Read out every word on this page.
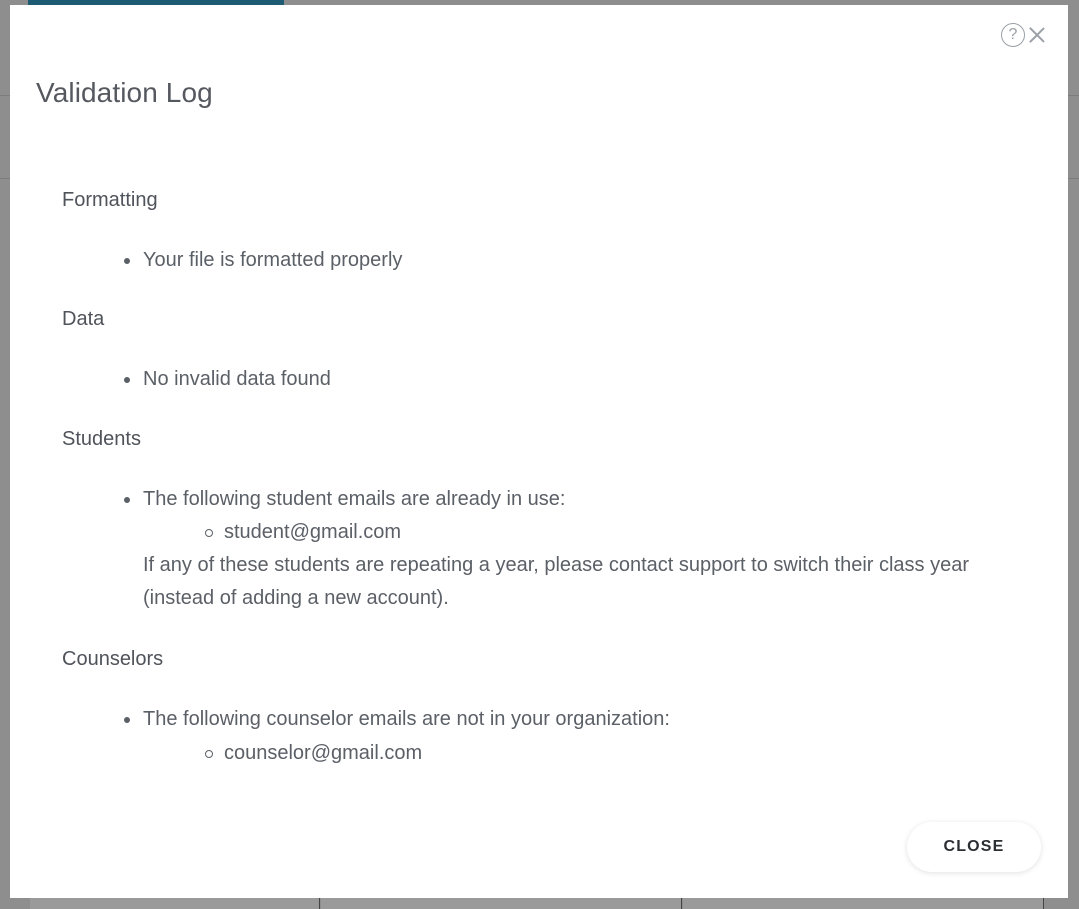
?
Validation Log
Formatting
Your file is formatted properly
Data
No invalid data found
Students
The following student emails are already in use:
student@gmail.com
If any of these students are repeating a year, please contact support to switch their class year (instead of adding a new account).
Counselors
The following counselor emails are not in your organization:
counselor@gmail.com
CLOSE
